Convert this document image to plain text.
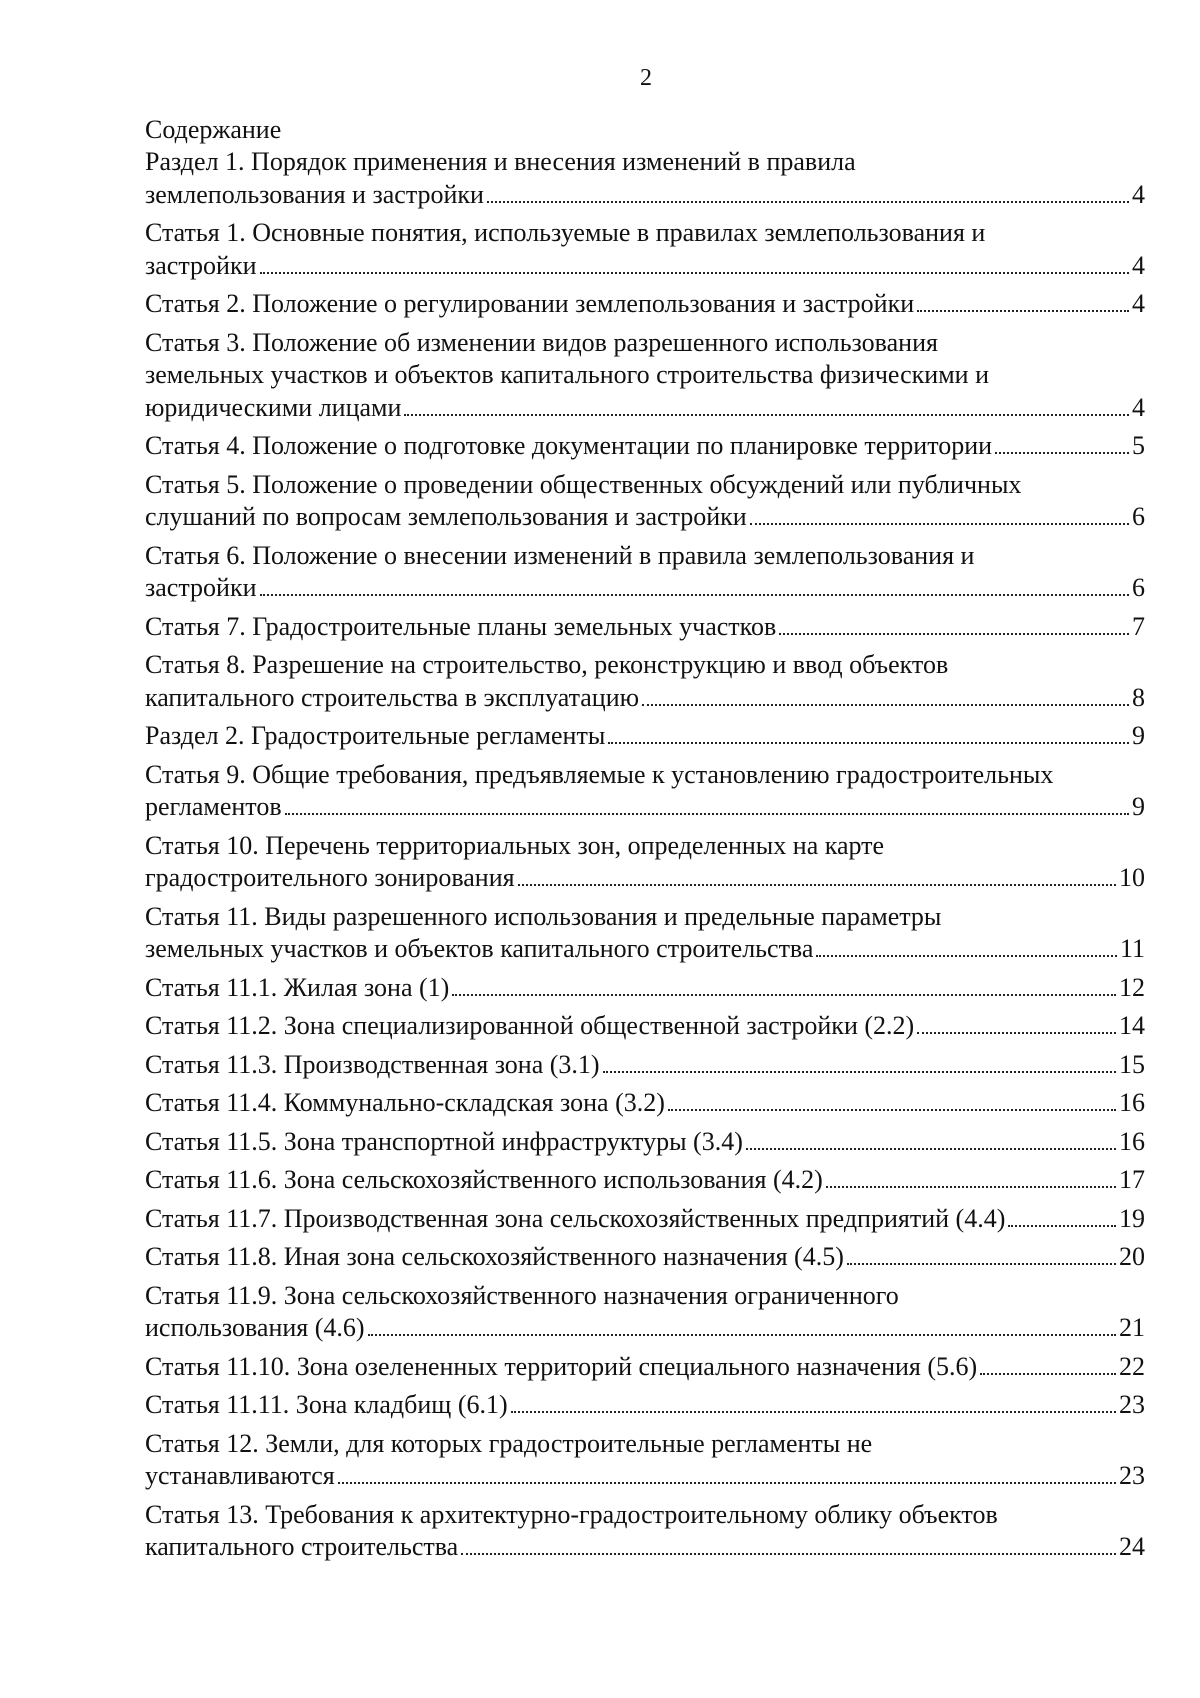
2
Содержание
Раздел 1. Порядок применения и внесения изменений в правила
землепользования и застройки	4
Статья 1. Основные понятия, используемые в правилах землепользования и
застройки	4
Статья 2. Положение о регулировании землепользования и застройки	4
Статья 3. Положение об изменении видов разрешенного использования
земельных участков и объектов капитального строительства физическими и
юридическими лицами	4
Статья 4. Положение о подготовке документации по планировке территории	5
Статья 5. Положение о проведении общественных обсуждений или публичных
слушаний по вопросам землепользования и застройки	6
Статья 6. Положение о внесении изменений в правила землепользования и
застройки	6
Статья 7. Градостроительные планы земельных участков	7
Статья 8. Разрешение на строительство, реконструкцию и ввод объектов
капитального строительства в эксплуатацию	8
Раздел 2. Градостроительные регламенты	9
Статья 9. Общие требования, предъявляемые к установлению градостроительных
регламентов	9
Статья 10. Перечень территориальных зон, определенных на карте
градостроительного зонирования	10
Статья 11. Виды разрешенного использования и предельные параметры
земельных участков и объектов капитального строительства	11
Статья 11.1. Жилая зона (1)	12
Статья 11.2. Зона специализированной общественной застройки (2.2)	14
Статья 11.3. Производственная зона (3.1)	15
Статья 11.4. Коммунально-складская зона (3.2)	16
Статья 11.5. Зона транспортной инфраструктуры (3.4)	16
Статья 11.6. Зона сельскохозяйственного использования (4.2)	17
Статья 11.7. Производственная зона сельскохозяйственных предприятий (4.4)	19
Статья 11.8. Иная зона сельскохозяйственного назначения (4.5)	20
Статья 11.9. Зона сельскохозяйственного назначения ограниченного
использования (4.6)	21
Статья 11.10. Зона озелененных территорий специального назначения (5.6)	22
Статья 11.11. Зона кладбищ (6.1)	23
Статья 12. Земли, для которых градостроительные регламенты не
устанавливаются	23
Статья 13. Требования к архитектурно-градостроительному облику объектов
капитального строительства	24
